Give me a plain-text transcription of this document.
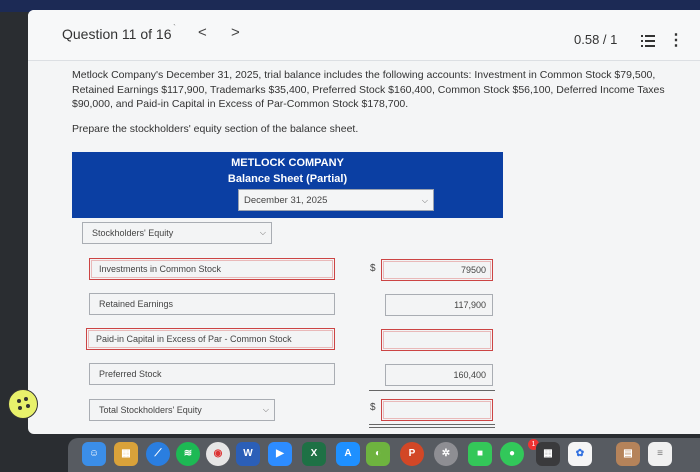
Question 11 of 16 ` < >	0.58 / 1	⋮
Metlock Company's December 31, 2025, trial balance includes the following accounts: Investment in Common Stock $79,500, Retained Earnings $117,900, Trademarks $35,400, Preferred Stock $160,400, Common Stock $56,100, Deferred Income Taxes $90,000, and Paid-in Capital in Excess of Par-Common Stock $178,700.
Prepare the stockholders' equity section of the balance sheet.
METLOCK COMPANY
Balance Sheet (Partial)
December 31, 2025	⌵
Stockholders' Equity	⌵
Investments in Common Stock	$	79500
Retained Earnings	117,900
Paid-in Capital in Excess of Par - Common Stock
Preferred Stock	160,400
Total Stockholders' Equity	⌵	$
☺	▦	⟋	≋	◉	W	▶	X	A	◐	P	✲	■	●
1
▦	✿	▤	≡
